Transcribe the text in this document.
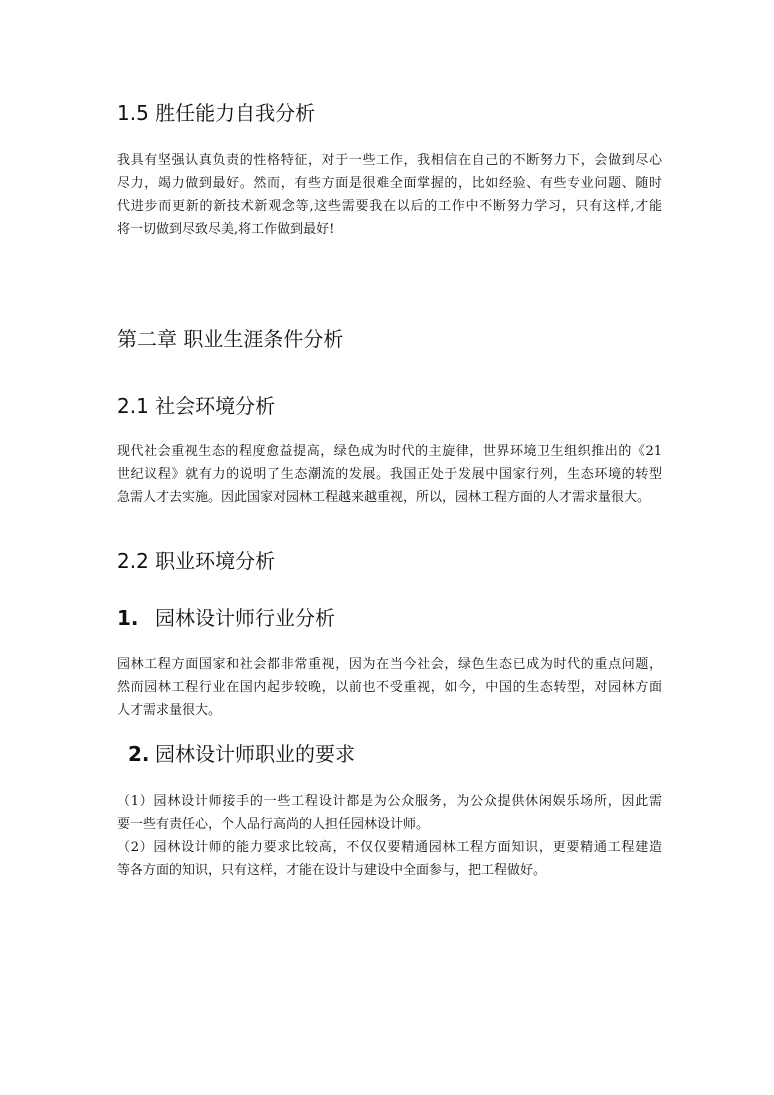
1.5 胜任能力自我分析
我具有坚强认真负责的性格特征，对于一些工作，我相信在自己的不断努力下，会做到尽心
尽力，竭力做到最好。然而，有些方面是很难全面掌握的，比如经验、有些专业问题、随时
代进步而更新的新技术新观念等,这些需要我在以后的工作中不断努力学习，只有这样,才能
将一切做到尽致尽美,将工作做到最好!
第二章 职业生涯条件分析
2.1 社会环境分析
现代社会重视生态的程度愈益提高，绿色成为时代的主旋律，世界环境卫生组织推出的《21
世纪议程》就有力的说明了生态潮流的发展。我国正处于发展中国家行列，生态环境的转型
急需人才去实施。因此国家对园林工程越来越重视，所以，园林工程方面的人才需求量很大。
2.2 职业环境分析
1. 园林设计师行业分析
园林工程方面国家和社会都非常重视，因为在当今社会，绿色生态已成为时代的重点问题，
然而园林工程行业在国内起步较晚，以前也不受重视，如今，中国的生态转型，对园林方面
人才需求量很大。
2. 园林设计师职业的要求
（1）园林设计师接手的一些工程设计都是为公众服务，为公众提供休闲娱乐场所，因此需
要一些有责任心，个人品行高尚的人担任园林设计师。
（2）园林设计师的能力要求比较高，不仅仅要精通园林工程方面知识，更要精通工程建造
等各方面的知识，只有这样，才能在设计与建设中全面参与，把工程做好。
